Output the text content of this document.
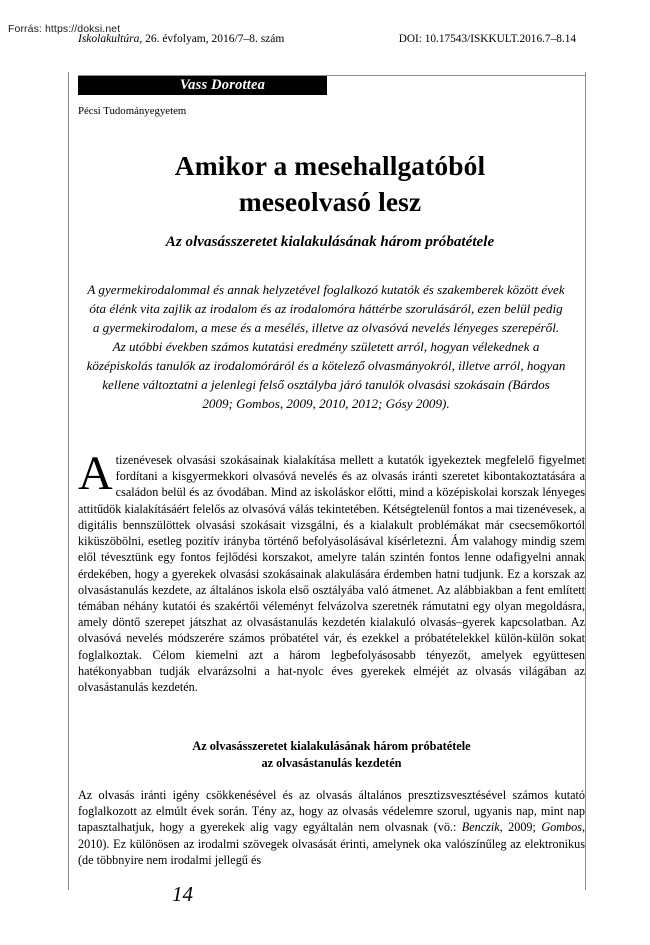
Forrás: https://doksi.net
Iskolakultúra, 26. évfolyam, 2016/7–8. szám	DOI: 10.17543/ISKKULT.2016.7–8.14
Vass Dorottea
Pécsi Tudományegyetem
Amikor a mesehallgatóból
meseolvasó lesz
Az olvasásszeretet kialakulásának három próbatétele
A gyermekirodalommal és annak helyzetével foglalkozó kutatók és szakemberek között évek óta élénk vita zajlik az irodalom és az irodalomóra háttérbe szorulásáról, ezen belül pedig a gyermekirodalom, a mese és a mesélés, illetve az olvasóvá nevelés lényeges szerepéről. Az utóbbi években számos kutatási eredmény született arról, hogyan vélekednek a középiskolás tanulók az irodalomóráról és a kötelező olvasmányokról, illetve arról, hogyan kellene változtatni a jelenlegi felső osztályba járó tanulók olvasási szokásain (Bárdos 2009; Gombos, 2009, 2010, 2012; Gósy 2009).
Atizenévesek olvasási szokásainak kialakítása mellett a kutatók igyekeztek megfelelő figyelmet fordítani a kisgyermekkori olvasóvá nevelés és az olvasás iránti szeretet kibontakoztatására a családon belül és az óvodában. Mind az iskoláskor előtti, mind a középiskolai korszak lényeges attitűdök kialakításáért felelős az olvasóvá válás tekintetében. Kétségtelenül fontos a mai tizenévesek, a digitális bennszülöttek olvasási szokásait vizsgálni, és a kialakult problémákat már csecsemőkortól kiküszöbölni, esetleg pozitív irányba történő befolyásolásával kísérletezni. Ám valahogy mindig szem elől tévesztünk egy fontos fejlődési korszakot, amelyre talán szintén fontos lenne odafigyelni annak érdekében, hogy a gyerekek olvasási szokásainak alakulására érdemben hatni tudjunk. Ez a korszak az olvasástanulás kezdete, az általános iskola első osztályába való átmenet. Az alábbiakban a fent említett témában néhány kutatói és szakértői véleményt felvázolva szeretnék rámutatni egy olyan megoldásra, amely döntő szerepet játszhat az olvasástanulás kezdetén kialakuló olvasás–gyerek kapcsolatban. Az olvasóvá nevelés módszerére számos próbatétel vár, és ezekkel a próbatételekkel külön-külön sokat foglalkoztak. Célom kiemelni azt a három legbefolyásosabb tényezőt, amelyek együttesen hatékonyabban tudják elvarázsolni a hat-nyolc éves gyerekek elméjét az olvasás világában az olvasástanulás kezdetén.
Az olvasásszeretet kialakulásának három próbatétele
az olvasástanulás kezdetén
Az olvasás iránti igény csökkenésével és az olvasás általános presztizsvesztésével számos kutató foglalkozott az elmúlt évek során. Tény az, hogy az olvasás védelemre szorul, ugyanis nap, mint nap tapasztalhatjuk, hogy a gyerekek alig vagy egyáltalán nem olvasnak (vö.: Benczik, 2009; Gombos, 2010). Ez különösen az irodalmi szövegek olvasását érinti, amelynek oka valószínűleg az elektronikus (de többnyire nem irodalmi jellegű és
14
